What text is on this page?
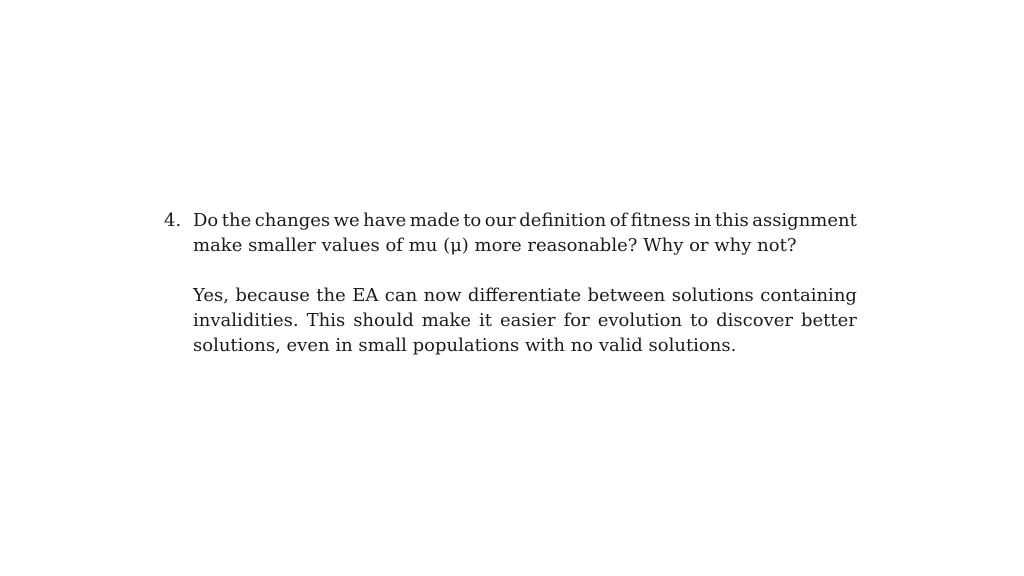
4. Do the changes we have made to our definition of fitness in this assignment
make smaller values of mu (μ) more reasonable? Why or why not?
Yes, because the EA can now differentiate between solutions containing
invalidities. This should make it easier for evolution to discover better
solutions, even in small populations with no valid solutions.
